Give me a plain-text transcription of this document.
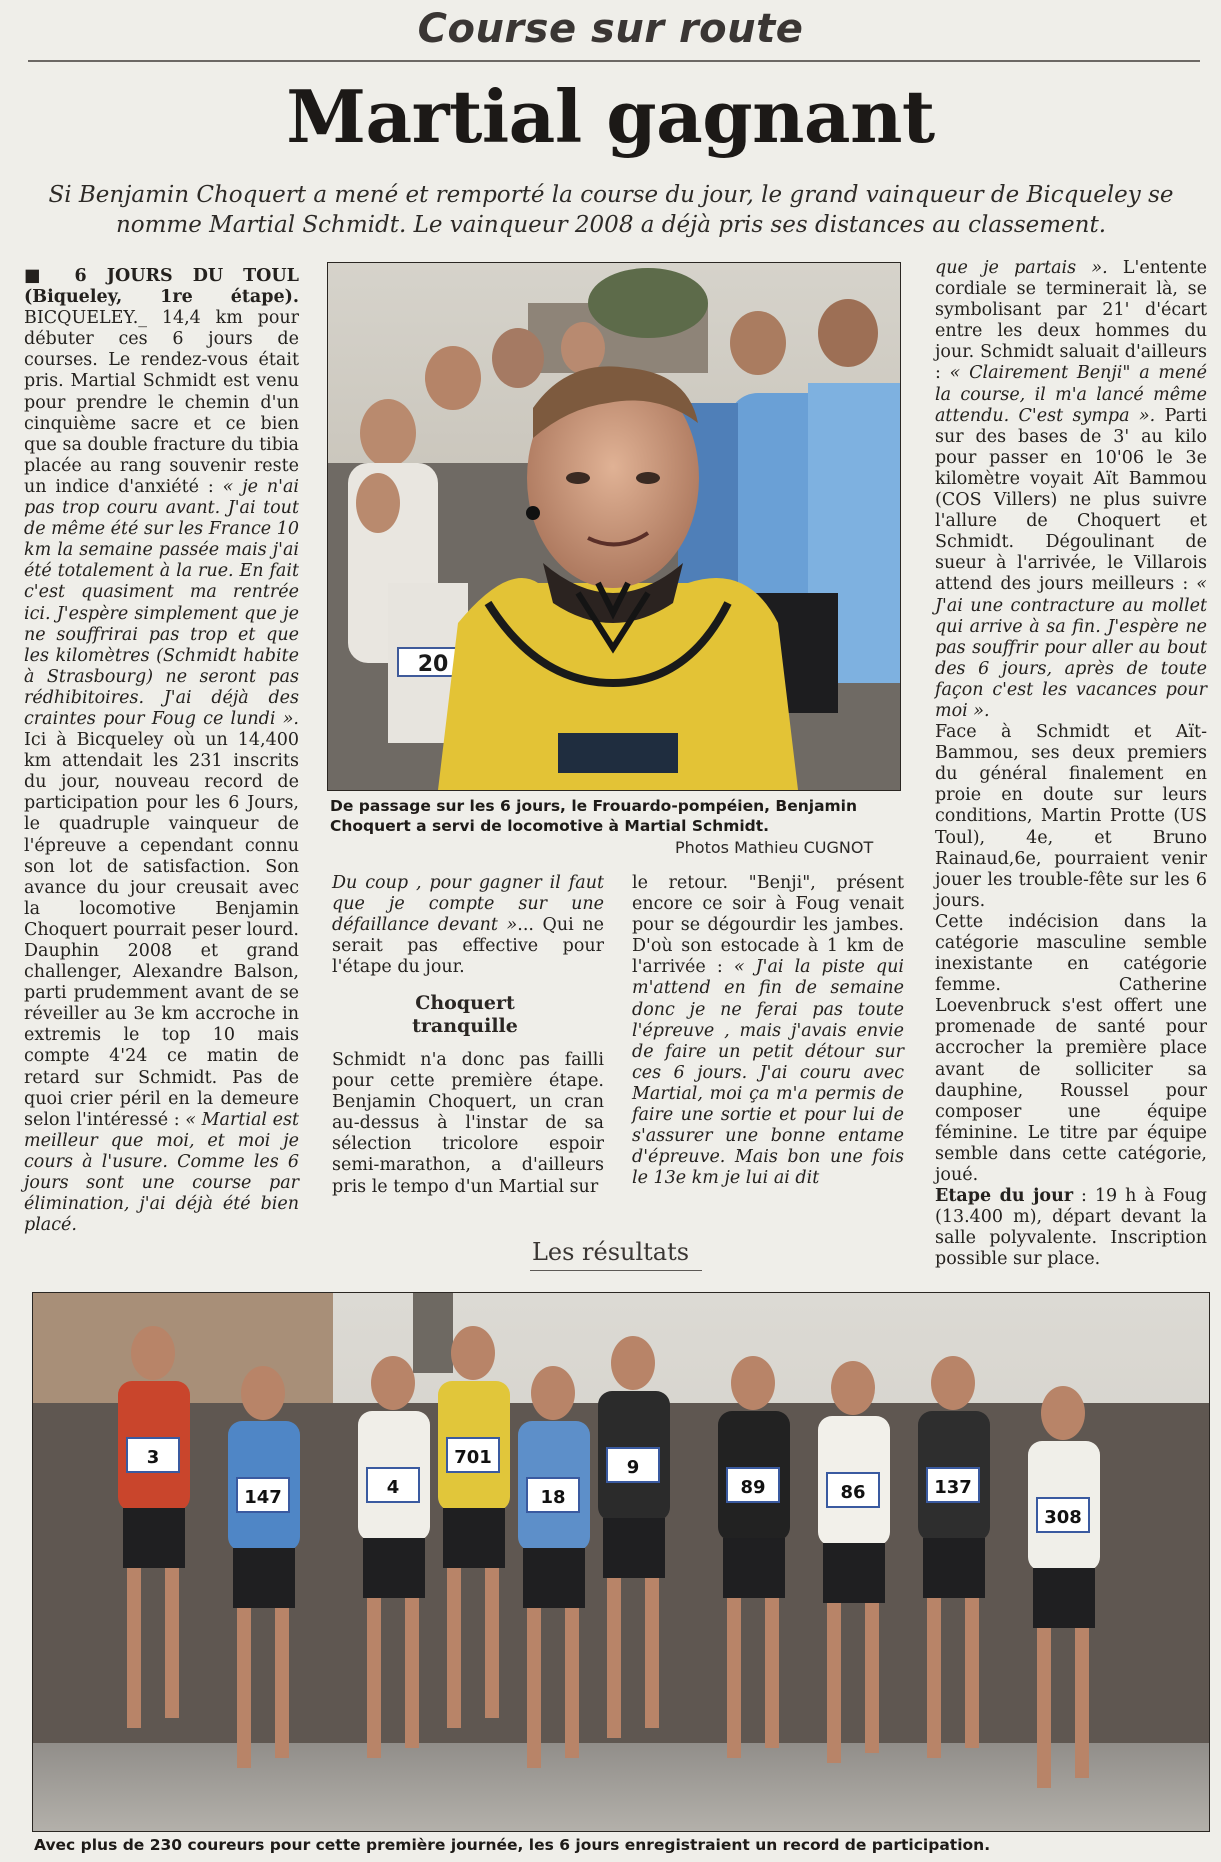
Course sur route
Martial gagnant
Si Benjamin Choquert a mené et remporté la course du jour, le grand vainqueur de Bicqueley se nomme Martial Schmidt. Le vainqueur 2008 a déjà pris ses distances au classement.

■ 6 JOURS DU TOUL (Biqueley, 1re étape). BICQUELEY._ 14,4 km pour débuter ces 6 jours de courses. Le rendez-vous était pris. Martial Schmidt est venu pour prendre le chemin d'un cinquième sacre et ce bien que sa double fracture du tibia placée au rang souvenir reste un indice d'anxiété : « je n'ai pas trop couru avant. J'ai tout de même été sur les France 10 km la semaine passée mais j'ai été totalement à la rue. En fait c'est quasiment ma rentrée ici. J'espère simplement que je ne souffrirai pas trop et que les kilomètres (Schmidt habite à Strasbourg) ne seront pas rédhibitoires. J'ai déjà des craintes pour Foug ce lundi ». Ici à Bicqueley où un 14,400 km attendait les 231 inscrits du jour, nouveau record de participation pour les 6 Jours, le quadruple vainqueur de l'épreuve a cependant connu son lot de satisfaction. Son avance du jour creusait avec la locomotive Benjamin Choquert pourrait peser lourd. Dauphin 2008 et grand challenger, Alexandre Balson, parti prudemment avant de se réveiller au 3e km accroche in extremis le top 10 mais compte 4'24 ce matin de retard sur Schmidt. Pas de quoi crier péril en la demeure selon l'intéressé : « Martial est meilleur que moi, et moi je cours à l'usure. Comme les 6 jours sont une course par élimination, j'ai déjà été bien placé.

20
De passage sur les 6 jours, le Frouardo-pompéien, Benjamin Choquert a servi de locomotive à Martial Schmidt.
Photos Mathieu CUGNOT

Du coup , pour gagner il faut que je compte sur une défaillance devant »... Qui ne serait pas effective pour l'étape du jour.

Choquert tranquille

Schmidt n'a donc pas failli pour cette première étape. Benjamin Choquert, un cran au-dessus à l'instar de sa sélection tricolore espoir semi-marathon, a d'ailleurs pris le tempo d'un Martial sur

le retour. "Benji", présent encore ce soir à Foug venait pour se dégourdir les jambes. D'où son estocade à 1 km de l'arrivée : « J'ai la piste qui m'attend en fin de semaine donc je ne ferai pas toute l'épreuve , mais j'avais envie de faire un petit détour sur ces 6 jours. J'ai couru avec Martial, moi ça m'a permis de faire une sortie et pour lui de s'assurer une bonne entame d'épreuve. Mais bon une fois le 13e km je lui ai dit

que je partais ». L'entente cordiale se terminerait là, se symbolisant par 21' d'écart entre les deux hommes du jour. Schmidt saluait d'ailleurs : « Clairement Benji" a mené la course, il m'a lancé même attendu. C'est sympa ». Parti sur des bases de 3' au kilo pour passer en 10'06 le 3e kilomètre voyait Aït Bammou (COS Villers) ne plus suivre l'allure de Choquert et Schmidt. Dégoulinant de sueur à l'arrivée, le Villarois attend des jours meilleurs : « J'ai une contracture au mollet qui arrive à sa fin. J'espère ne pas souffrir pour aller au bout des 6 jours, après de toute façon c'est les vacances pour moi ».

Face à Schmidt et Aït-Bammou, ses deux premiers du général finalement en proie en doute sur leurs conditions, Martin Protte (US Toul), 4e, et Bruno Rainaud,6e, pourraient venir jouer les trouble-fête sur les 6 jours.

Cette indécision dans la catégorie masculine semble inexistante en catégorie femme. Catherine Loevenbruck s'est offert une promenade de santé pour accrocher la première place avant de solliciter sa dauphine, Roussel pour composer une équipe féminine. Le titre par équipe semble dans cette catégorie, joué.

Etape du jour : 19 h à Foug (13.400 m), départ devant la salle polyvalente. Inscription possible sur place.

Les résultats
3
147	4
701
18
9
89	86	137
308
Avec plus de 230 coureurs pour cette première journée, les 6 jours enregistraient un record de participation.
